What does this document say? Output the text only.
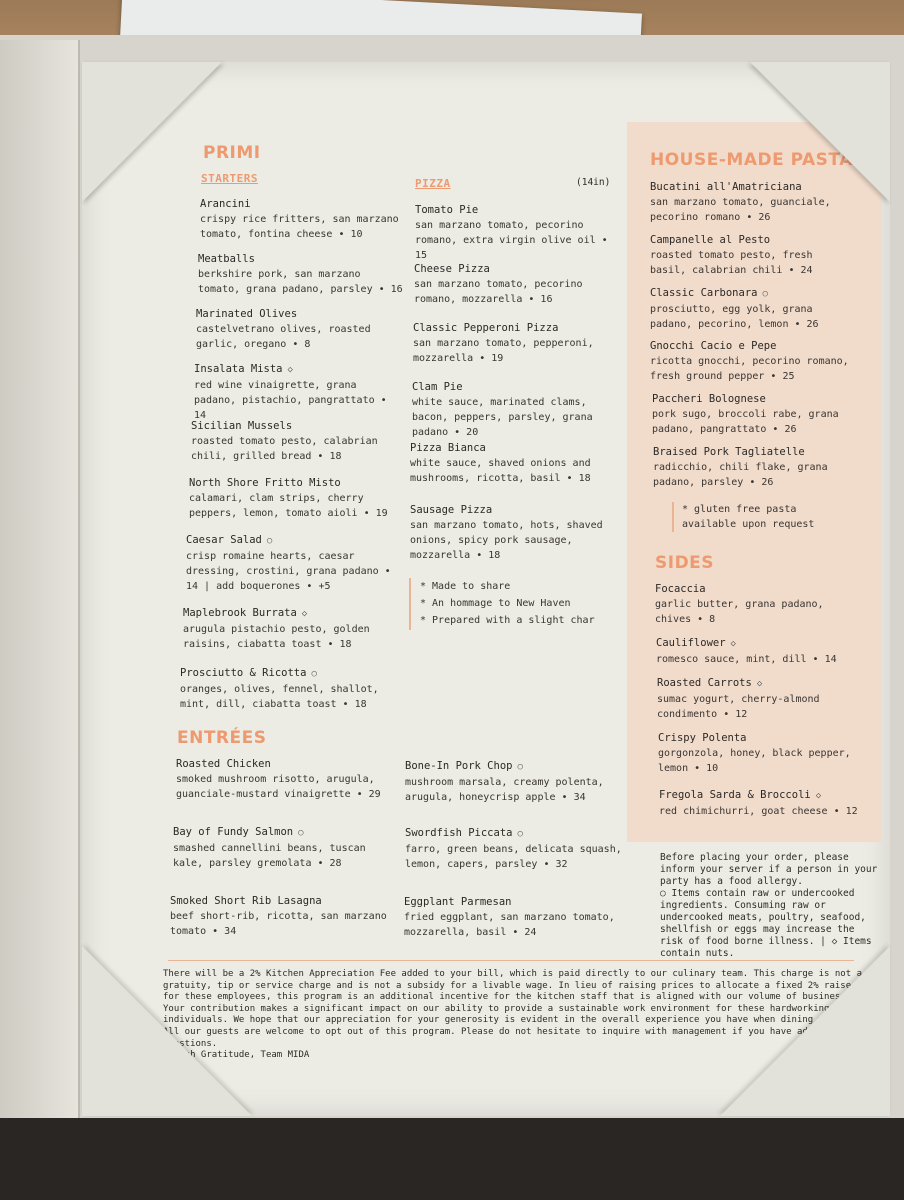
PRIMI
STARTERS
Arancini
crispy rice fritters, san marzano tomato, fontina cheese • 10
Meatballs
berkshire pork, san marzano tomato, grana padano, parsley • 16
Marinated Olives
castelvetrano olives, roasted garlic, oregano • 8
Insalata Mista ◇
red wine vinaigrette, grana padano, pistachio, pangrattato • 14
Sicilian Mussels
roasted tomato pesto, calabrian chili, grilled bread • 18
North Shore Fritto Misto
calamari, clam strips, cherry peppers, lemon, tomato aioli • 19
Caesar Salad ○
crisp romaine hearts, caesar dressing, crostini, grana padano • 14 | add boquerones • +5
Maplebrook Burrata ◇
arugula pistachio pesto, golden raisins, ciabatta toast • 18
Prosciutto & Ricotta ○
oranges, olives, fennel, shallot, mint, dill, ciabatta toast • 18
PIZZA	(14in)
Tomato Pie
san marzano tomato, pecorino romano, extra virgin olive oil • 15
Cheese Pizza
san marzano tomato, pecorino romano, mozzarella • 16
Classic Pepperoni Pizza
san marzano tomato, pepperoni, mozzarella • 19
Clam Pie
white sauce, marinated clams, bacon, peppers, parsley, grana padano • 20
Pizza Bianca
white sauce, shaved onions and mushrooms, ricotta, basil • 18
Sausage Pizza
san marzano tomato, hots, shaved onions, spicy pork sausage, mozzarella • 18
* Made to share
* An hommage to New Haven
* Prepared with a slight char
HOUSE-MADE PASTA
Bucatini all'Amatriciana
san marzano tomato, guanciale, pecorino romano • 26
Campanelle al Pesto
roasted tomato pesto, fresh basil, calabrian chili • 24
Classic Carbonara ○
prosciutto, egg yolk, grana padano, pecorino, lemon • 26
Gnocchi Cacio e Pepe
ricotta gnocchi, pecorino romano, fresh ground pepper • 25
Paccheri Bolognese
pork sugo, broccoli rabe, grana padano, pangrattato • 26
Braised Pork Tagliatelle
radicchio, chili flake, grana padano, parsley • 26
* gluten free pasta available upon request
SIDES
Focaccia
garlic butter, grana padano, chives • 8
Cauliflower ◇
romesco sauce, mint, dill • 14
Roasted Carrots ◇
sumac yogurt, cherry-almond condimento • 12
Crispy Polenta
gorgonzola, honey, black pepper, lemon • 10
Fregola Sarda & Broccoli ◇
red chimichurri, goat cheese • 12
ENTRÉES
Roasted Chicken
smoked mushroom risotto, arugula, guanciale-mustard vinaigrette • 29
Bone-In Pork Chop ○
mushroom marsala, creamy polenta, arugula, honeycrisp apple • 34
Bay of Fundy Salmon ○
smashed cannellini beans, tuscan kale, parsley gremolata • 28
Swordfish Piccata ○
farro, green beans, delicata squash, lemon, capers, parsley • 32
Smoked Short Rib Lasagna
beef short-rib, ricotta, san marzano tomato • 34
Eggplant Parmesan
fried eggplant, san marzano tomato, mozzarella, basil • 24
Before placing your order, please inform your server if a person in your party has a food allergy.
○ Items contain raw or undercooked ingredients. Consuming raw or undercooked meats, poultry, seafood, shellfish or eggs may increase the risk of food borne illness. | ◇ Items contain nuts.
There will be a 2% Kitchen Appreciation Fee added to your bill, which is paid directly to our culinary team. This charge is not a gratuity, tip or service charge and is not a subsidy for a livable wage. In lieu of raising prices to allocate a fixed 2% raise for these employees, this program is an additional incentive for the kitchen staff that is aligned with our volume of business. Your contribution makes a significant impact on our ability to provide a sustainable work environment for these hardworking individuals. We hope that our appreciation for your generosity is evident in the overall experience you have when dining with us. All our guests are welcome to opt out of this program. Please do not hesitate to inquire with management if you have additional questions.
- With Gratitude, Team MIDA
